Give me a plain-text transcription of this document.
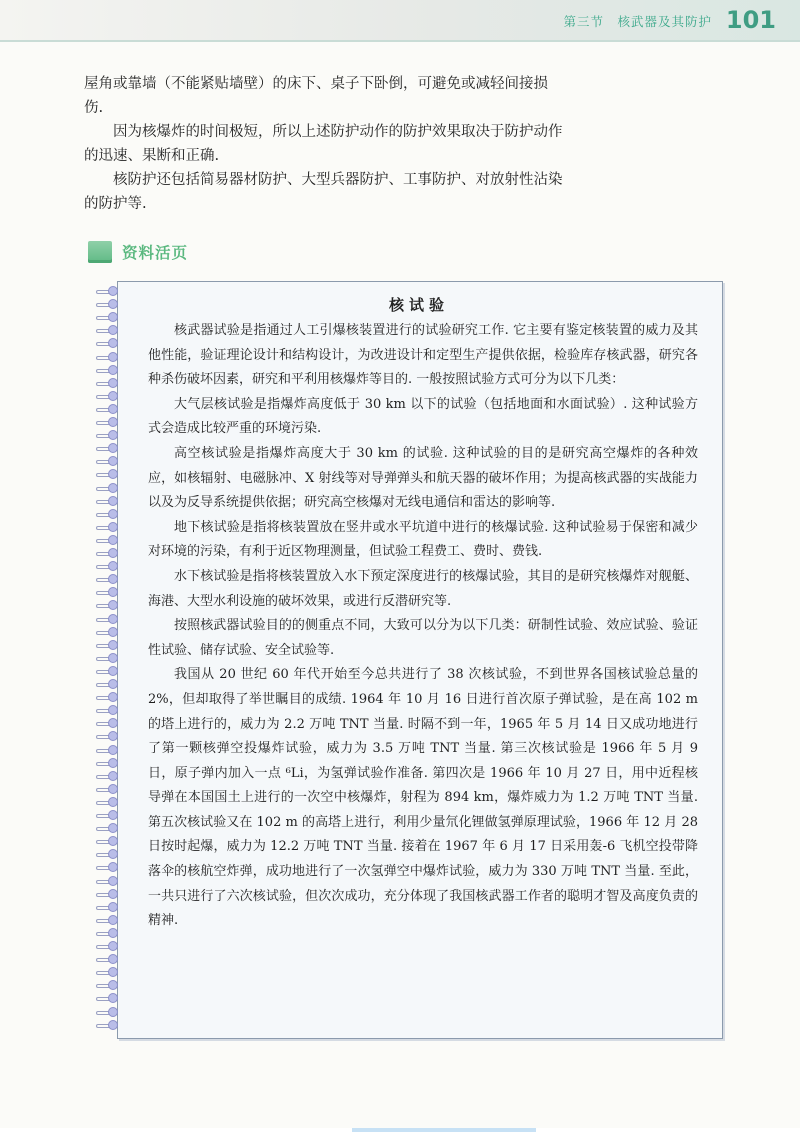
第三节　核武器及其防护 101

屋角或靠墙（不能紧贴墙壁）的床下、桌子下卧倒，可避免或减轻间接损伤.

因为核爆炸的时间极短，所以上述防护动作的防护效果取决于防护动作的迅速、果断和正确.

核防护还包括简易器材防护、大型兵器防护、工事防护、对放射性沾染的防护等.

资料活页
核试验

核武器试验是指通过人工引爆核装置进行的试验研究工作. 它主要有鉴定核装置的威力及其他性能，验证理论设计和结构设计，为改进设计和定型生产提供依据，检验库存核武器，研究各种杀伤破坏因素，研究和平利用核爆炸等目的. 一般按照试验方式可分为以下几类：

大气层核试验是指爆炸高度低于 30 km 以下的试验（包括地面和水面试验）. 这种试验方式会造成比较严重的环境污染.

高空核试验是指爆炸高度大于 30 km 的试验. 这种试验的目的是研究高空爆炸的各种效应，如核辐射、电磁脉冲、X 射线等对导弹弹头和航天器的破坏作用；为提高核武器的实战能力以及为反导系统提供依据；研究高空核爆对无线电通信和雷达的影响等.

地下核试验是指将核装置放在竖井或水平坑道中进行的核爆试验. 这种试验易于保密和减少对环境的污染，有利于近区物理测量，但试验工程费工、费时、费钱.

水下核试验是指将核装置放入水下预定深度进行的核爆试验，其目的是研究核爆炸对舰艇、海港、大型水利设施的破坏效果，或进行反潜研究等.

按照核武器试验目的的侧重点不同，大致可以分为以下几类：研制性试验、效应试验、验证性试验、储存试验、安全试验等.

我国从 20 世纪 60 年代开始至今总共进行了 38 次核试验，不到世界各国核试验总量的 2%，但却取得了举世瞩目的成绩. 1964 年 10 月 16 日进行首次原子弹试验，是在高 102 m 的塔上进行的，威力为 2.2 万吨 TNT 当量. 时隔不到一年，1965 年 5 月 14 日又成功地进行了第一颗核弹空投爆炸试验，威力为 3.5 万吨 TNT 当量. 第三次核试验是 1966 年 5 月 9 日，原子弹内加入一点 ⁶Li，为氢弹试验作准备. 第四次是 1966 年 10 月 27 日，用中近程核导弹在本国国土上进行的一次空中核爆炸，射程为 894 km，爆炸威力为 1.2 万吨 TNT 当量. 第五次核试验又在 102 m 的高塔上进行，利用少量氘化锂做氢弹原理试验，1966 年 12 月 28 日按时起爆，威力为 12.2 万吨 TNT 当量. 接着在 1967 年 6 月 17 日采用轰-6 飞机空投带降落伞的核航空炸弹，成功地进行了一次氢弹空中爆炸试验，威力为 330 万吨 TNT 当量. 至此，一共只进行了六次核试验，但次次成功，充分体现了我国核武器工作者的聪明才智及高度负责的精神.
